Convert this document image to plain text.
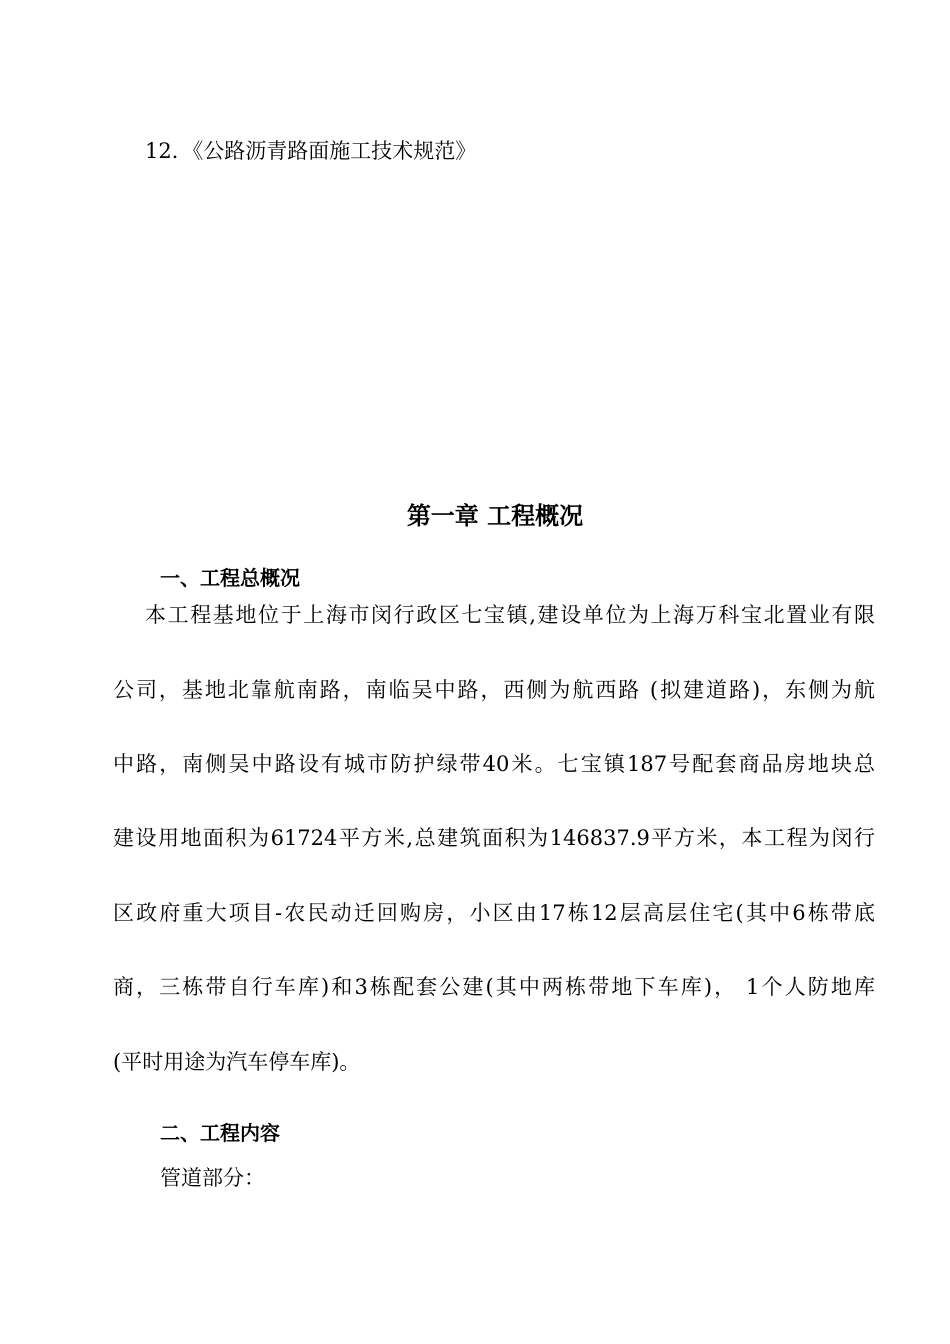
12．《公路沥青路面施工技术规范》
第一章 工程概况
一、工程总概况
本工程基地位于上海市闵行政区七宝镇,建设单位为上海万科宝北置业有限
公司，基地北靠航南路，南临吴中路，西侧为航西路 (拟建道路)，东侧为航
中路，南侧吴中路设有城市防护绿带40米。七宝镇187号配套商品房地块总
建设用地面积为61724平方米,总建筑面积为146837.9平方米，本工程为闵行
区政府重大项目-农民动迁回购房，小区由17栋12层高层住宅(其中6栋带底
商，三栋带自行车库)和3栋配套公建(其中两栋带地下车库)， 1个人防地库
(平时用途为汽车停车库)。
二、工程内容
管道部分：
